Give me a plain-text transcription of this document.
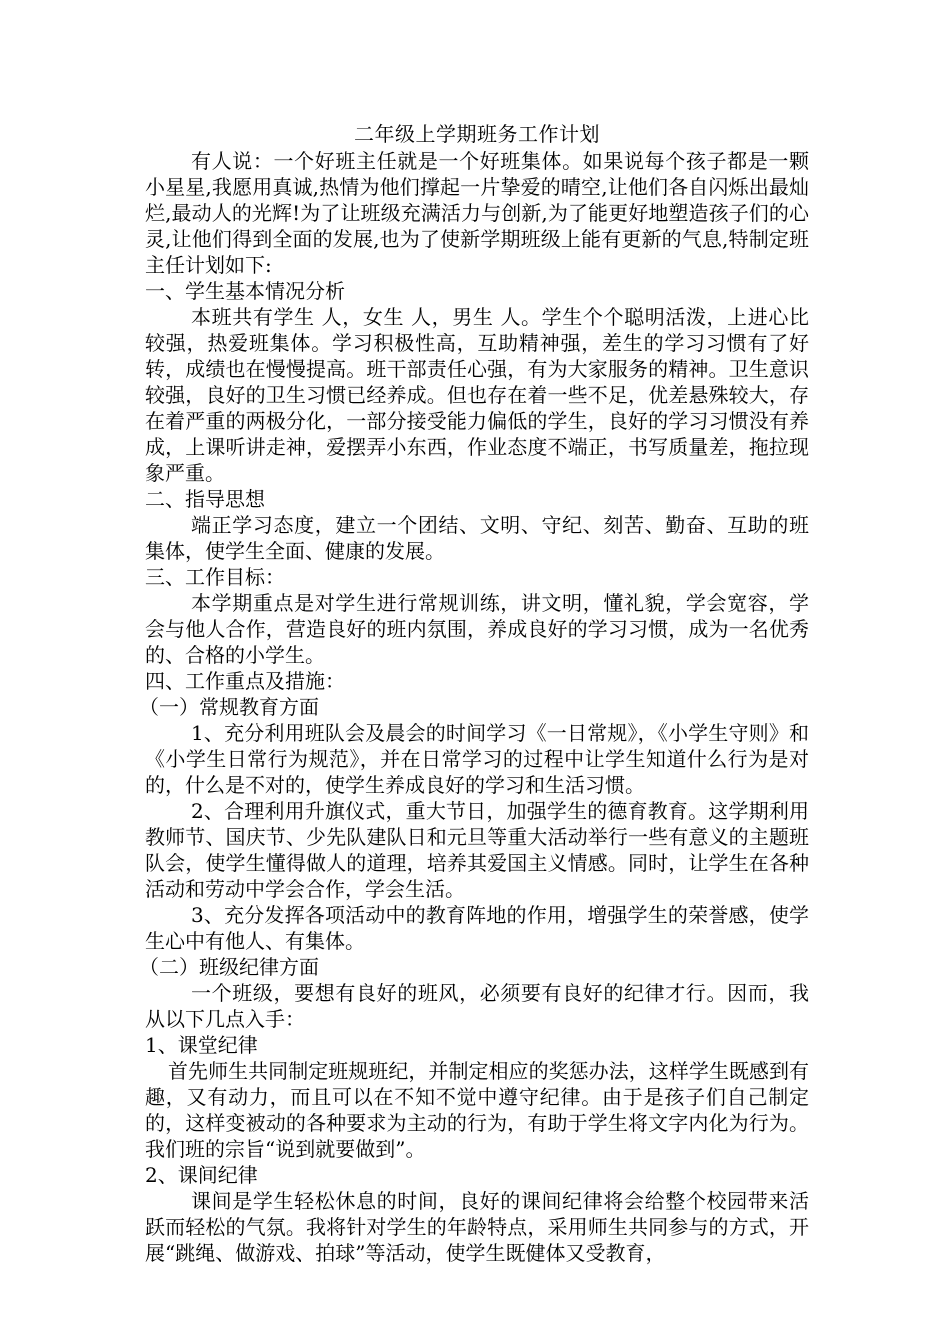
二年级上学期班务工作计划

有人说：一个好班主任就是一个好班集体。如果说每个孩子都是一颗小星星,我愿用真诚,热情为他们撑起一片挚爱的晴空,让他们各自闪烁出最灿烂,最动人的光辉!为了让班级充满活力与创新,为了能更好地塑造孩子们的心灵,让他们得到全面的发展,也为了使新学期班级上能有更新的气息,特制定班主任计划如下:

一、学生基本情况分析

本班共有学生 人，女生 人，男生 人。学生个个聪明活泼，上进心比较强，热爱班集体。学习积极性高，互助精神强，差生的学习习惯有了好转，成绩也在慢慢提高。班干部责任心强，有为大家服务的精神。卫生意识较强，良好的卫生习惯已经养成。但也存在着一些不足，优差悬殊较大，存在着严重的两极分化，一部分接受能力偏低的学生，良好的学习习惯没有养成，上课听讲走神，爱摆弄小东西，作业态度不端正，书写质量差，拖拉现象严重。

二、指导思想

端正学习态度，建立一个团结、文明、守纪、刻苦、勤奋、互助的班集体，使学生全面、健康的发展。

三、工作目标：

本学期重点是对学生进行常规训练，讲文明，懂礼貌，学会宽容，学会与他人合作，营造良好的班内氛围，养成良好的学习习惯，成为一名优秀的、合格的小学生。

四、工作重点及措施：

（一）常规教育方面

1、充分利用班队会及晨会的时间学习《一日常规》，《小学生守则》和《小学生日常行为规范》，并在日常学习的过程中让学生知道什么行为是对的，什么是不对的，使学生养成良好的学习和生活习惯。

2、合理利用升旗仪式，重大节日，加强学生的德育教育。这学期利用教师节、国庆节、少先队建队日和元旦等重大活动举行一些有意义的主题班队会，使学生懂得做人的道理，培养其爱国主义情感。同时，让学生在各种活动和劳动中学会合作，学会生活。

3、充分发挥各项活动中的教育阵地的作用，增强学生的荣誉感，使学生心中有他人、有集体。

（二）班级纪律方面

一个班级，要想有良好的班风，必须要有良好的纪律才行。因而，我从以下几点入手：

1、课堂纪律

首先师生共同制定班规班纪，并制定相应的奖惩办法，这样学生既感到有趣，又有动力，而且可以在不知不觉中遵守纪律。由于是孩子们自己制定的，这样变被动的各种要求为主动的行为，有助于学生将文字内化为行为。我们班的宗旨“说到就要做到”。

2、课间纪律

课间是学生轻松休息的时间，良好的课间纪律将会给整个校园带来活跃而轻松的气氛。我将针对学生的年龄特点，采用师生共同参与的方式，开展“跳绳、做游戏、拍球”等活动，使学生既健体又受教育，
